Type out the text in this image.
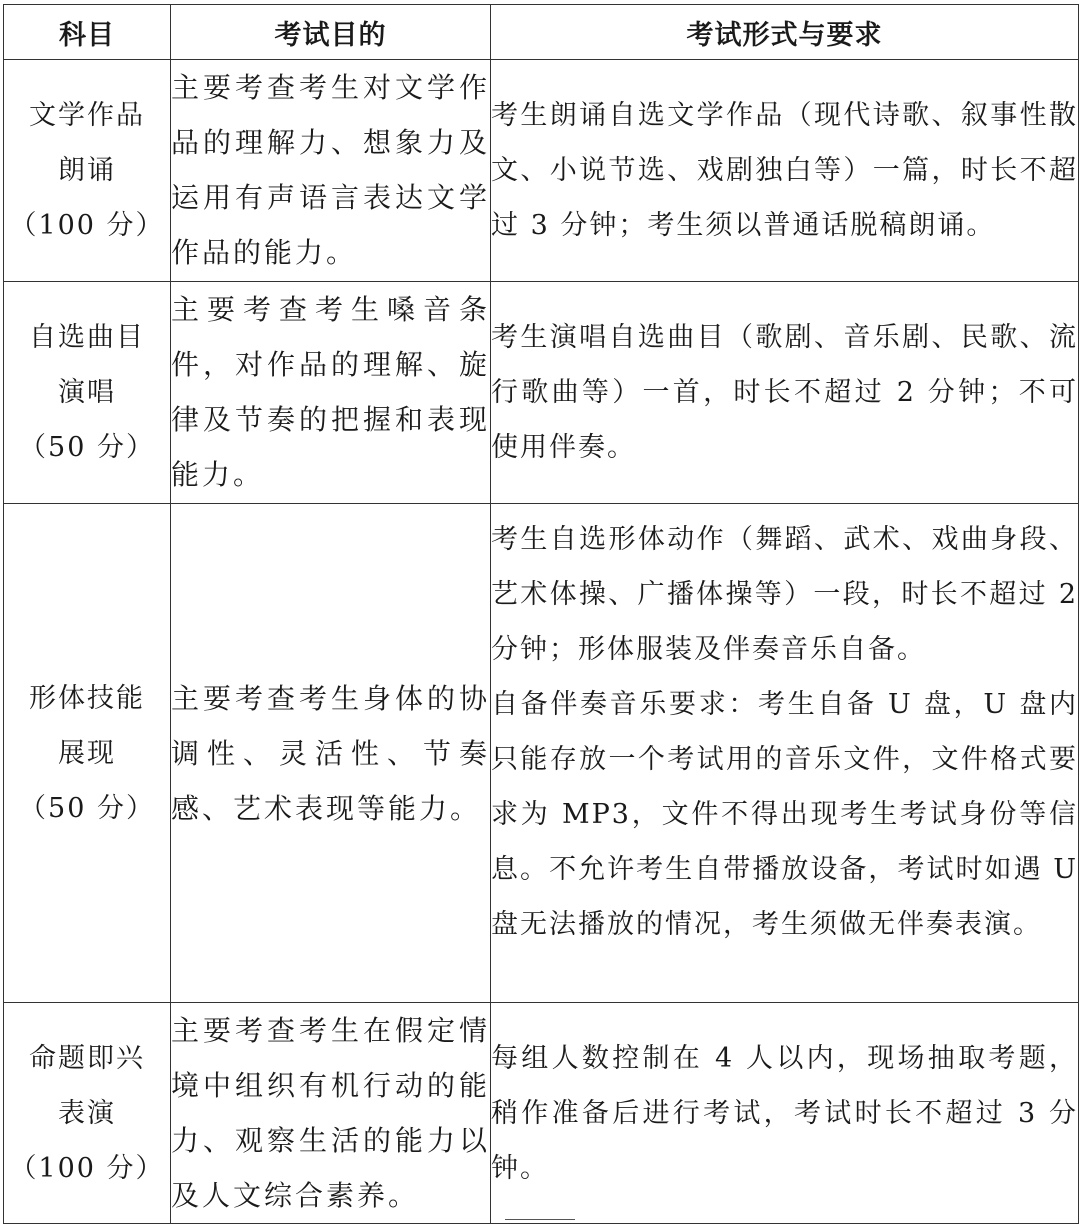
科目	考试目的	考试形式与要求

文学作品
朗诵
（100 分）	主要考查考生对文学作品的理解力、想象力及运用有声语言表达文学作品的能力。	考生朗诵自选文学作品（现代诗歌、叙事性散文、小说节选、戏剧独白等）一篇，时长不超过 3 分钟；考生须以普通话脱稿朗诵。

自选曲目
演唱
（50 分）	主要考查考生嗓音条件，对作品的理解、旋律及节奏的把握和表现能力。	考生演唱自选曲目（歌剧、音乐剧、民歌、流行歌曲等）一首，时长不超过 2 分钟；不可使用伴奏。

形体技能
展现
（50 分）	主要考查考生身体的协调性、灵活性、节奏感、艺术表现等能力。	考生自选形体动作（舞蹈、武术、戏曲身段、艺术体操、广播体操等）一段，时长不超过 2 分钟；形体服装及伴奏音乐自备。
自备伴奏音乐要求：考生自备 U 盘，U 盘内只能存放一个考试用的音乐文件，文件格式要求为 MP3，文件不得出现考生考试身份等信息。不允许考生自带播放设备，考试时如遇 U 盘无法播放的情况，考生须做无伴奏表演。

命题即兴
表演
（100 分）	主要考查考生在假定情境中组织有机行动的能力、观察生活的能力以及人文综合素养。	每组人数控制在 4 人以内，现场抽取考题，稍作准备后进行考试，考试时长不超过 3 分钟。
